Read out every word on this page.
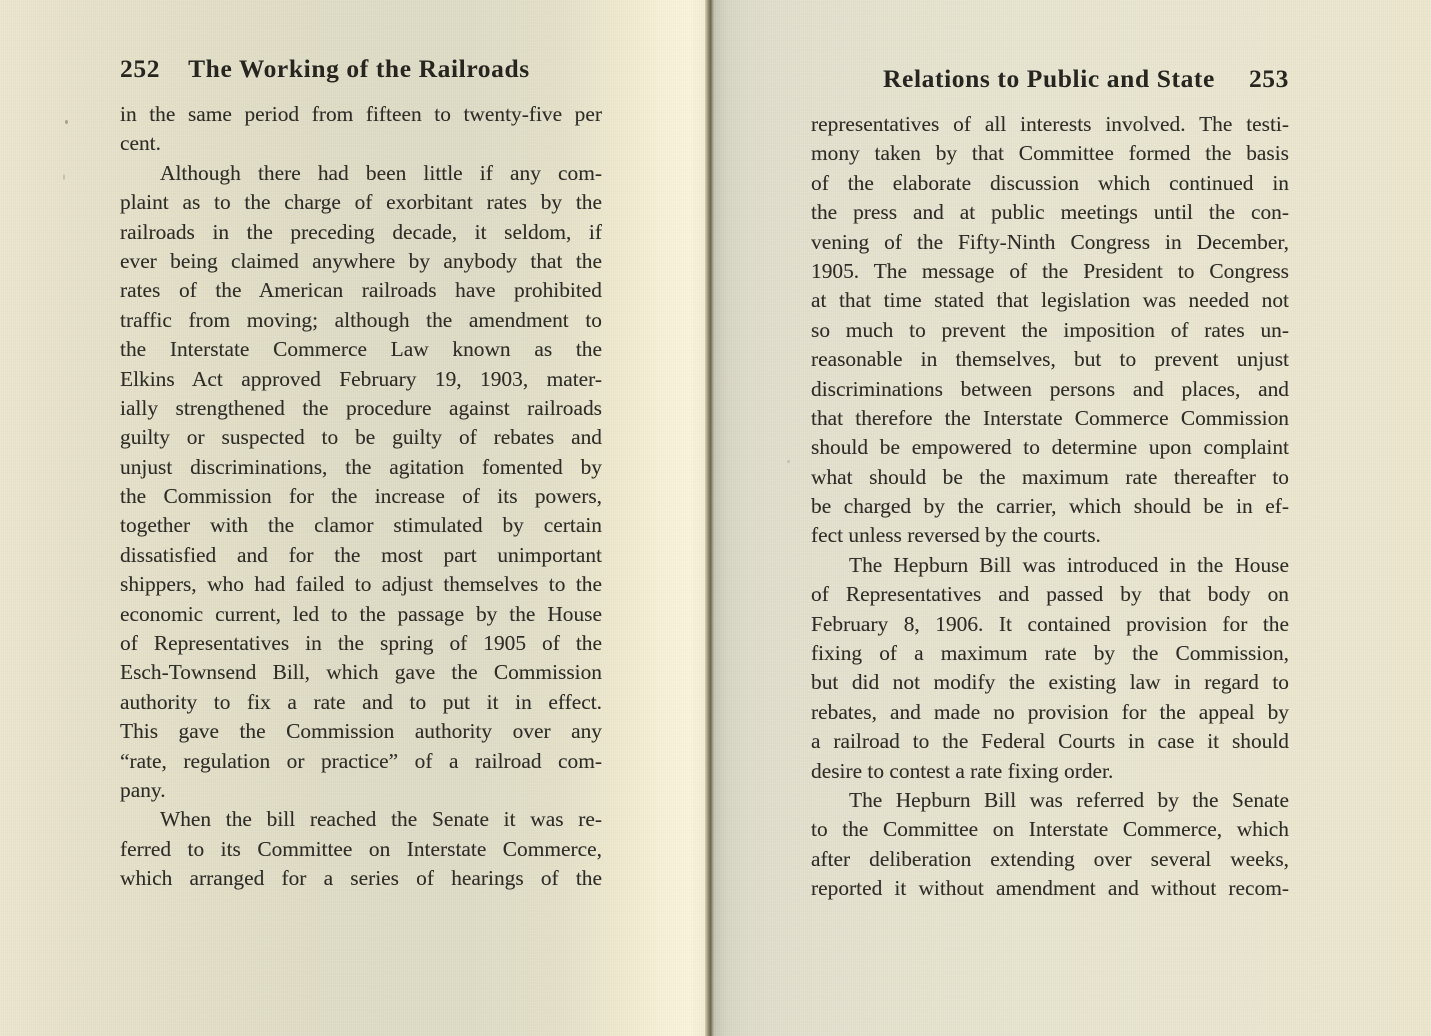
252 The Working of the Railroads
in the same period from fifteen to twenty-five per
cent.
Although there had been little if any com-
plaint as to the charge of exorbitant rates by the
railroads in the preceding decade, it seldom, if
ever being claimed anywhere by anybody that the
rates of the American railroads have prohibited
traffic from moving; although the amendment to
the Interstate Commerce Law known as the
Elkins Act approved February 19, 1903, mater-
ially strengthened the procedure against railroads
guilty or suspected to be guilty of rebates and
unjust discriminations, the agitation fomented by
the Commission for the increase of its powers,
together with the clamor stimulated by certain
dissatisfied and for the most part unimportant
shippers, who had failed to adjust themselves to the
economic current, led to the passage by the House
of Representatives in the spring of 1905 of the
Esch-Townsend Bill, which gave the Commission
authority to fix a rate and to put it in effect.
This gave the Commission authority over any
“rate, regulation or practice” of a railroad com-
pany.
When the bill reached the Senate it was re-
ferred to its Committee on Interstate Commerce,
which arranged for a series of hearings of the
Relations to Public and State 253
representatives of all interests involved. The testi-
mony taken by that Committee formed the basis
of the elaborate discussion which continued in
the press and at public meetings until the con-
vening of the Fifty-Ninth Congress in December,
1905. The message of the President to Congress
at that time stated that legislation was needed not
so much to prevent the imposition of rates un-
reasonable in themselves, but to prevent unjust
discriminations between persons and places, and
that therefore the Interstate Commerce Commission
should be empowered to determine upon complaint
what should be the maximum rate thereafter to
be charged by the carrier, which should be in ef-
fect unless reversed by the courts.
The Hepburn Bill was introduced in the House
of Representatives and passed by that body on
February 8, 1906. It contained provision for the
fixing of a maximum rate by the Commission,
but did not modify the existing law in regard to
rebates, and made no provision for the appeal by
a railroad to the Federal Courts in case it should
desire to contest a rate fixing order.
The Hepburn Bill was referred by the Senate
to the Committee on Interstate Commerce, which
after deliberation extending over several weeks,
reported it without amendment and without recom-
